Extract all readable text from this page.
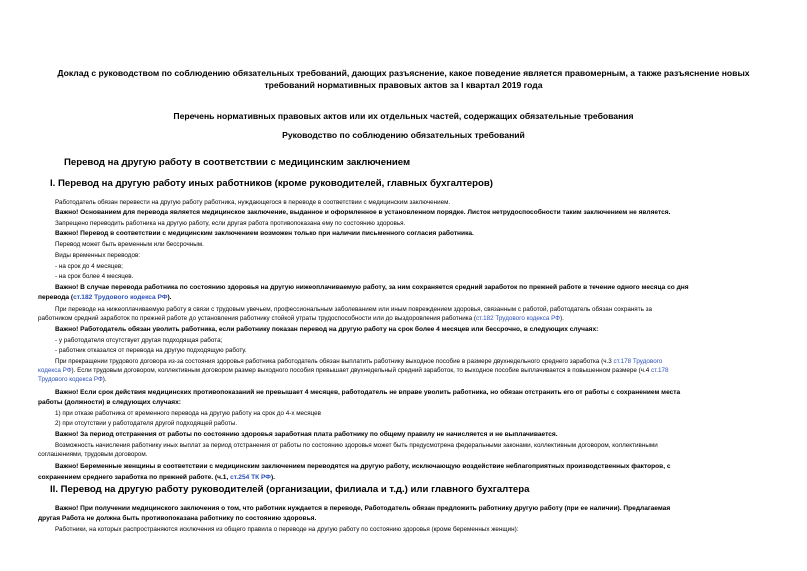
Доклад с руководством по соблюдению обязательных требований, дающих разъяснение, какое поведение является правомерным, а также разъяснение новых
требований нормативных правовых актов за I квартал 2019 года
Перечень нормативных правовых актов или их отдельных частей, содержащих обязательные требования
Руководство по соблюдению обязательных требований
Перевод на другую работу в соответствии с медицинским заключением
I. Перевод на другую работу иных работников (кроме руководителей, главных бухгалтеров)
Работодатель обязан перевести на другую работу работника, нуждающегося в переводе в соответствии с медицинским заключением.
Важно! Основанием для перевода является медицинское заключение, выданное и оформленное в установленном порядке. Листок нетрудоспособности таким заключением не является.
Запрещено переводить работника на другую работу, если другая работа противопоказана ему по состоянию здоровья.
Важно! Перевод в соответствии с медицинским заключением возможен только при наличии письменного согласия работника.
Перевод может быть временным или бессрочным.
Виды временных переводов:
- на срок до 4 месяцев;
- на срок более 4 месяцев.
Важно! В случае перевода работника по состоянию здоровья на другую нижеоплачиваемую работу, за ним сохраняется средний заработок по прежней работе в течение одного месяца со дня
перевода (ст.182 Трудового кодекса РФ).
При переводе на нижеоплачиваемую работу в связи с трудовым увечьем, профессиональным заболеванием или иным повреждением здоровья, связанным с работой, работодатель обязан сохранять за
работником средний заработок по прежней работе до установления работнику стойкой утраты трудоспособности или до выздоровления работника (ст.182 Трудового кодекса РФ).
Важно! Работодатель обязан уволить работника, если работнику показан перевод на другую работу на срок более 4 месяцев или бессрочно, в следующих случаях:
- у работодателя отсутствует другая подходящая работа;
- работник отказался от перевода на другую подходящую работу.
При прекращении трудового договора из-за состояния здоровья работника работодатель обязан выплатить работнику выходное пособие в размере двухнедельного среднего заработка (ч.3 ст.178 Трудового
кодекса РФ). Если трудовым договором, коллективным договором размер выходного пособия превышает двухнедельный средний заработок, то выходное пособие выплачивается в повышенном размере (ч.4 ст.178
Трудового кодекса РФ).
Важно! Если срок действия медицинских противопоказаний не превышает 4 месяцев, работодатель не вправе уволить работника, но обязан отстранить его от работы с сохранением места
работы (должности) в следующих случаях:
1) при отказе работника от временного перевода на другую работу на срок до 4-х месяцев
2) при отсутствии у работодателя другой подходящей работы.
Важно! За период отстранения от работы по состоянию здоровья заработная плата работнику по общему правилу не начисляется и не выплачивается.
Возможность начисления работнику иных выплат за период отстранения от работы по состоянию здоровья может быть предусмотрена федеральными законами, коллективным договором, коллективными
соглашениями, трудовым договором.
Важно! Беременные женщины в соответствии с медицинским заключением переводятся на другую работу, исключающую воздействие неблагоприятных производственных факторов, с
сохранением среднего заработка по прежней работе. (ч.1, ст.254 ТК РФ).
II. Перевод на другую работу руководителей (организации, филиала и т.д.) или главного бухгалтера
Важно! При получении медицинского заключения о том, что работник нуждается в переводе, Работодатель обязан предложить работнику другую работу (при ее наличии). Предлагаемая
другая Работа не должна быть противопоказана работнику по состоянию здоровья.
Работники, на которых распространяются исключения из общего правила о переводе на другую работу по состоянию здоровья (кроме беременных женщин):
